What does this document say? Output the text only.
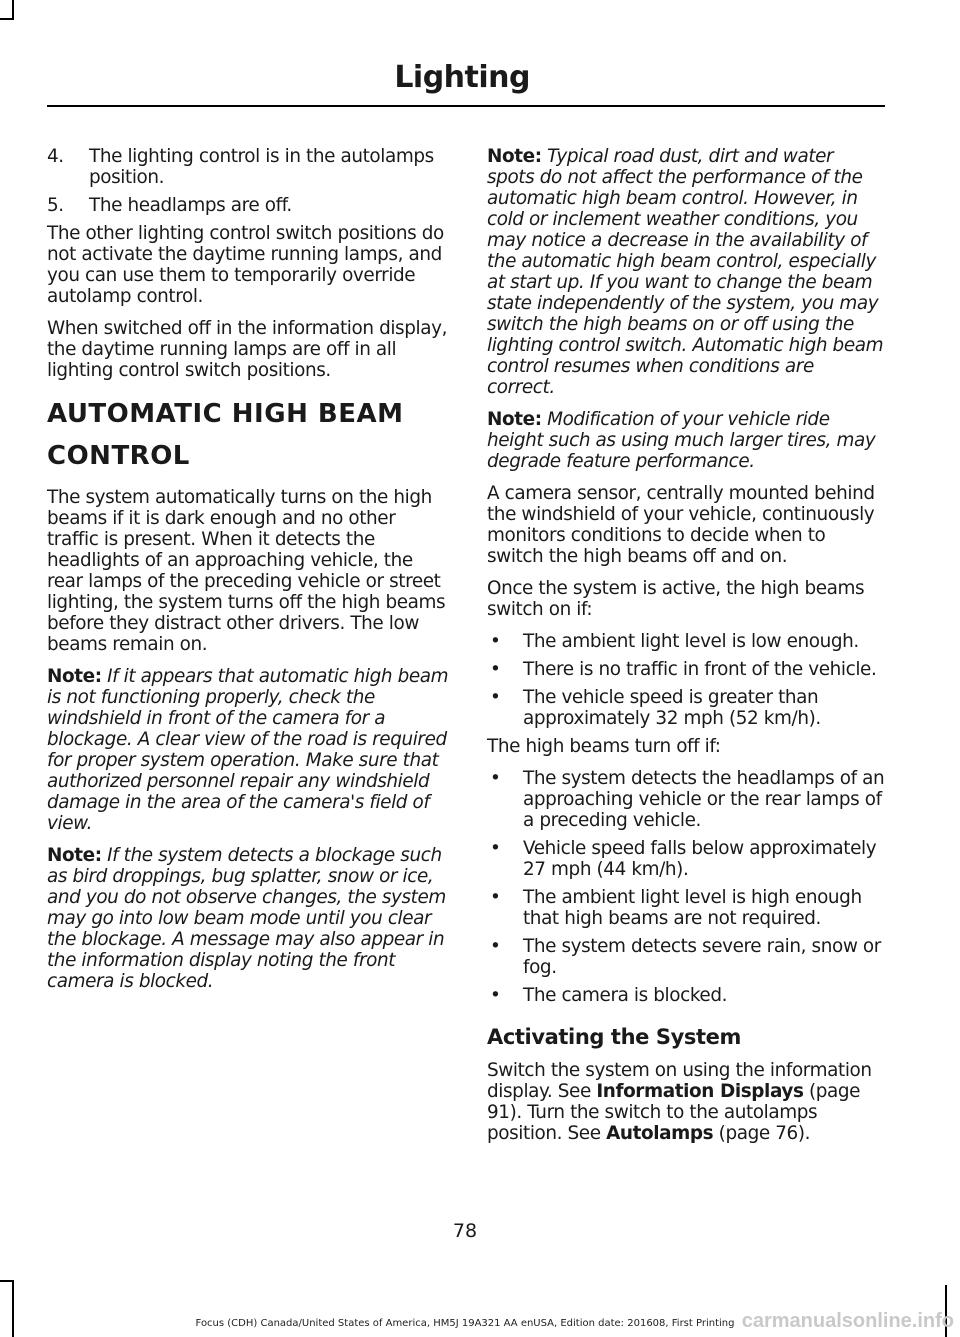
Lighting
4.	The lighting control is in the autolamps position.
5.	The headlamps are off.

The other lighting control switch positions do not activate the daytime running lamps, and you can use them to temporarily override autolamp control.

When switched off in the information display, the daytime running lamps are off in all lighting control switch positions.

AUTOMATIC HIGH BEAM
CONTROL

The system automatically turns on the high beams if it is dark enough and no other traffic is present. When it detects the headlights of an approaching vehicle, the rear lamps of the preceding vehicle or street lighting, the system turns off the high beams before they distract other drivers. The low beams remain on.

Note: If it appears that automatic high beam is not functioning properly, check the windshield in front of the camera for a blockage. A clear view of the road is required for proper system operation. Make sure that authorized personnel repair any windshield damage in the area of the camera's field of view.

Note: If the system detects a blockage such as bird droppings, bug splatter, snow or ice, and you do not observe changes, the system may go into low beam mode until you clear the blockage. A message may also appear in the information display noting the front camera is blocked.

Note: Typical road dust, dirt and water spots do not affect the performance of the automatic high beam control. However, in cold or inclement weather conditions, you may notice a decrease in the availability of the automatic high beam control, especially at start up. If you want to change the beam state independently of the system, you may switch the high beams on or off using the lighting control switch. Automatic high beam control resumes when conditions are correct.

Note: Modification of your vehicle ride height such as using much larger tires, may degrade feature performance.

A camera sensor, centrally mounted behind the windshield of your vehicle, continuously monitors conditions to decide when to switch the high beams off and on.

Once the system is active, the high beams switch on if:

•	The ambient light level is low enough.
•	There is no traffic in front of the vehicle.
•	The vehicle speed is greater than approximately 32 mph (52 km/h).

The high beams turn off if:

•	The system detects the headlamps of an approaching vehicle or the rear lamps of a preceding vehicle.
•	Vehicle speed falls below approximately 27 mph (44 km/h).
•	The ambient light level is high enough that high beams are not required.
•	The system detects severe rain, snow or fog.
•	The camera is blocked.
Activating the System

Switch the system on using the information display. See Information Displays (page 91). Turn the switch to the autolamps position. See Autolamps (page 76).

78
Focus (CDH) Canada/United States of America, HM5J 19A321 AA enUSA, Edition date: 201608, First Printing carmanualsonline.info
